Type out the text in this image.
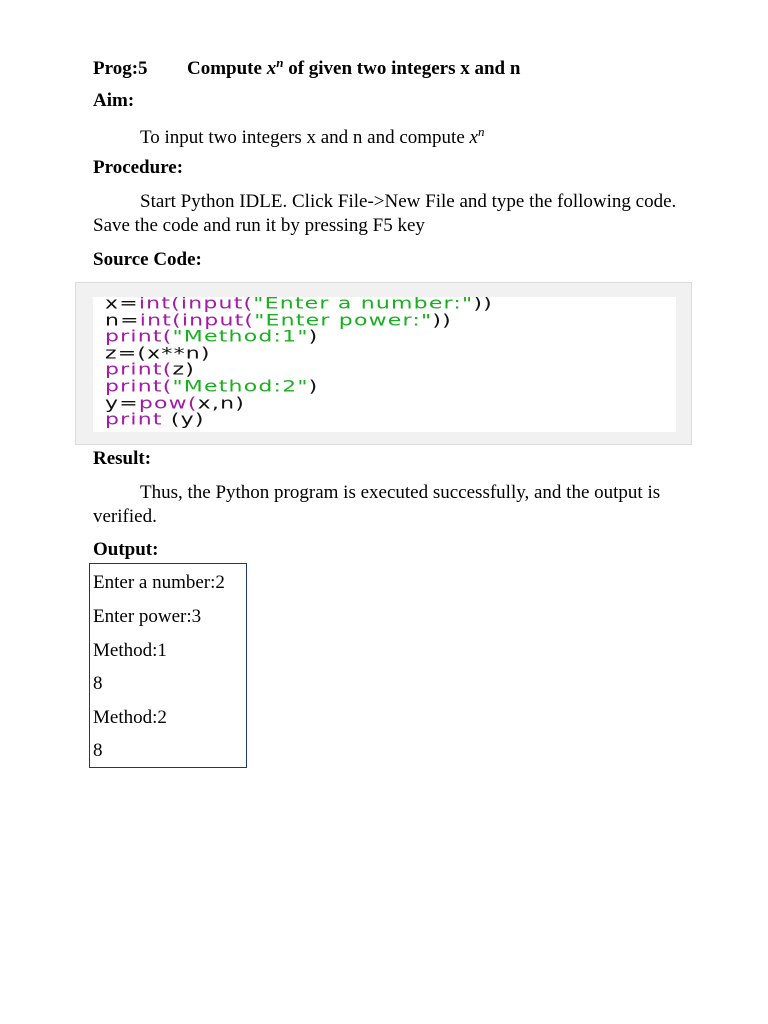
Prog:5 Compute $x^n$ of given two integers x and n
Aim:
To input two integers x and n and compute $x^n$
Procedure:
Start Python IDLE. Click File->New File and type the following code. Save the code and run it by pressing F5 key
Source Code:
x=int(input("Enter a number:"))
n=int(input("Enter power:"))
print("Method:1")
z=(x**n)
print(z)
print("Method:2")
y=pow(x,n)
print (y)
Result:
Thus, the Python program is executed successfully, and the output is verified.
Output:
Enter a number:2
Enter power:3
Method:1
8
Method:2
8
